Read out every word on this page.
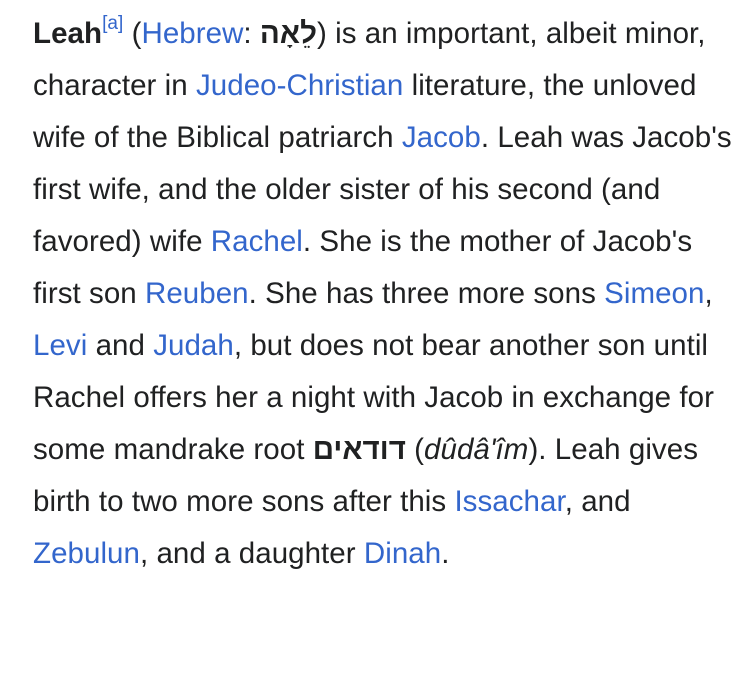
Leah[a] (Hebrew: לֵאָה) is an important, albeit minor, character in Judeo-Christian literature, the unloved wife of the Biblical patriarch Jacob. Leah was Jacob's first wife, and the older sister of his second (and favored) wife Rachel. She is the mother of Jacob's first son Reuben. She has three more sons Simeon, Levi and Judah, but does not bear another son until Rachel offers her a night with Jacob in exchange for some mandrake root דודאים (dûdâ'îm). Leah gives birth to two more sons after this Issachar, and Zebulun, and a daughter Dinah.
